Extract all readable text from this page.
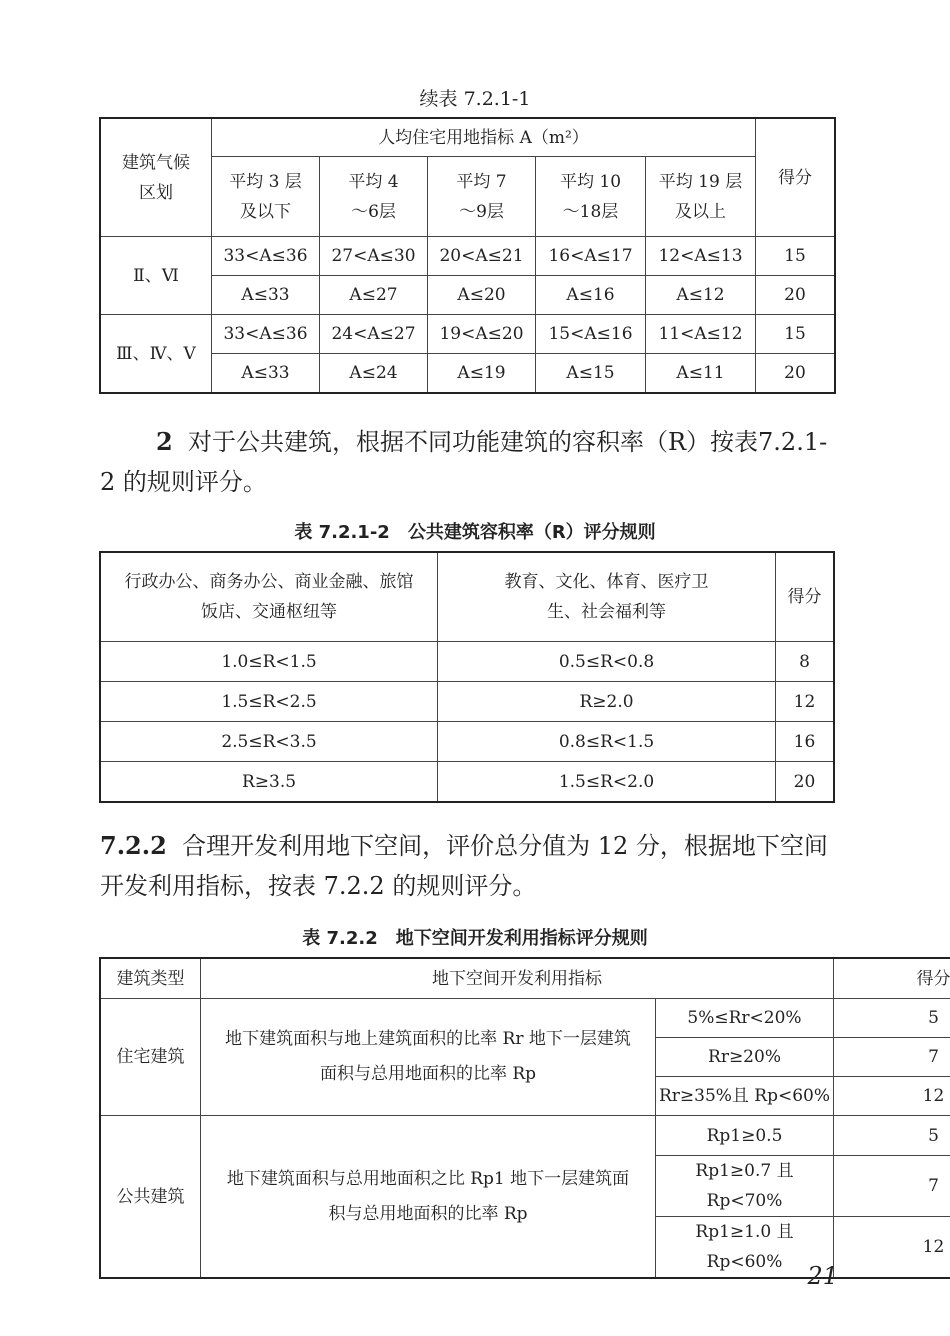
续表 7.2.1-1
建筑气候区划	人均住宅用地指标 A（m²）					得分
	平均 3 层及以下	平均 4～6层	平均 7～9层	平均 10～18层	平均 19 层及以上	
Ⅱ、Ⅵ	33<A≤36	27<A≤30	20<A≤21	16<A≤17	12<A≤13	15
	A≤33	A≤27	A≤20	A≤16	A≤12	20
Ⅲ、Ⅳ、Ⅴ	33<A≤36	24<A≤27	19<A≤20	15<A≤16	11<A≤12	15
	A≤33	A≤24	A≤19	A≤15	A≤11	20
2 对于公共建筑，根据不同功能建筑的容积率（R）按表7.2.1-2 的规则评分。
表 7.2.1-2　公共建筑容积率（R）评分规则
行政办公、商务办公、商业金融、旅馆饭店、交通枢纽等	教育、文化、体育、医疗卫生、社会福利等	得分
1.0≤R<1.5	0.5≤R<0.8	8
1.5≤R<2.5	R≥2.0	12
2.5≤R<3.5	0.8≤R<1.5	16
R≥3.5	1.5≤R<2.0	20
7.2.2 合理开发利用地下空间，评价总分值为 12 分，根据地下空间开发利用指标，按表 7.2.2 的规则评分。
表 7.2.2　地下空间开发利用指标评分规则
建筑类型	地下空间开发利用指标		得分
住宅建筑	地下建筑面积与地上建筑面积的比率 Rr 地下一层建筑面积与总用地面积的比率 Rp	5%≤Rr<20%	5
		Rr≥20%	7
		Rr≥35%且 Rp<60%	12
公共建筑	地下建筑面积与总用地面积之比 Rp1 地下一层建筑面积与总用地面积的比率 Rp	Rp1≥0.5	5
		Rp1≥0.7 且 Rp<70%	7
		Rp1≥1.0 且 Rp<60%	12
21
